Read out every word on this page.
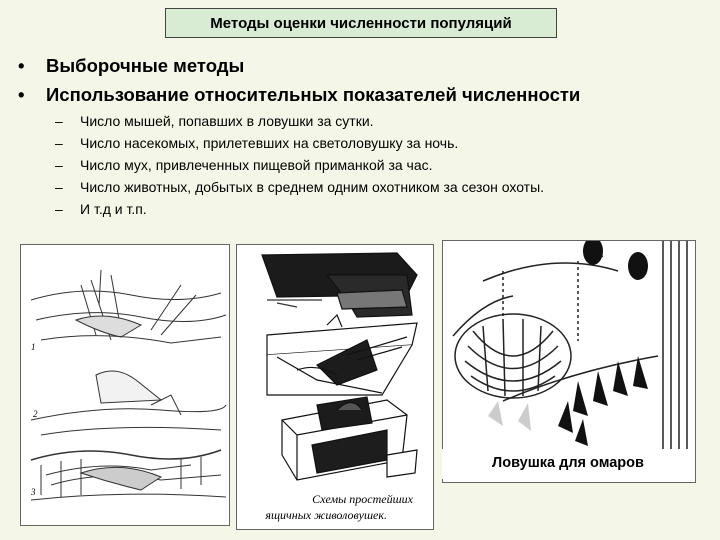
Методы оценки численности популяций
•	Выборочные методы
•	Использование относительных показателей численности
–	Число мышей, попавших в ловушки за сутки.
–	Число насекомых, прилетевших на светоловушку за ночь.
–	Число мух, привлеченных пищевой приманкой за час.
–	Число животных, добытых в среднем одним охотником за сезон охоты.
–	И т.д и т.п.
1
2
3	Схемы простейших
ящичных живоловушек.
Ловушка для омаров
